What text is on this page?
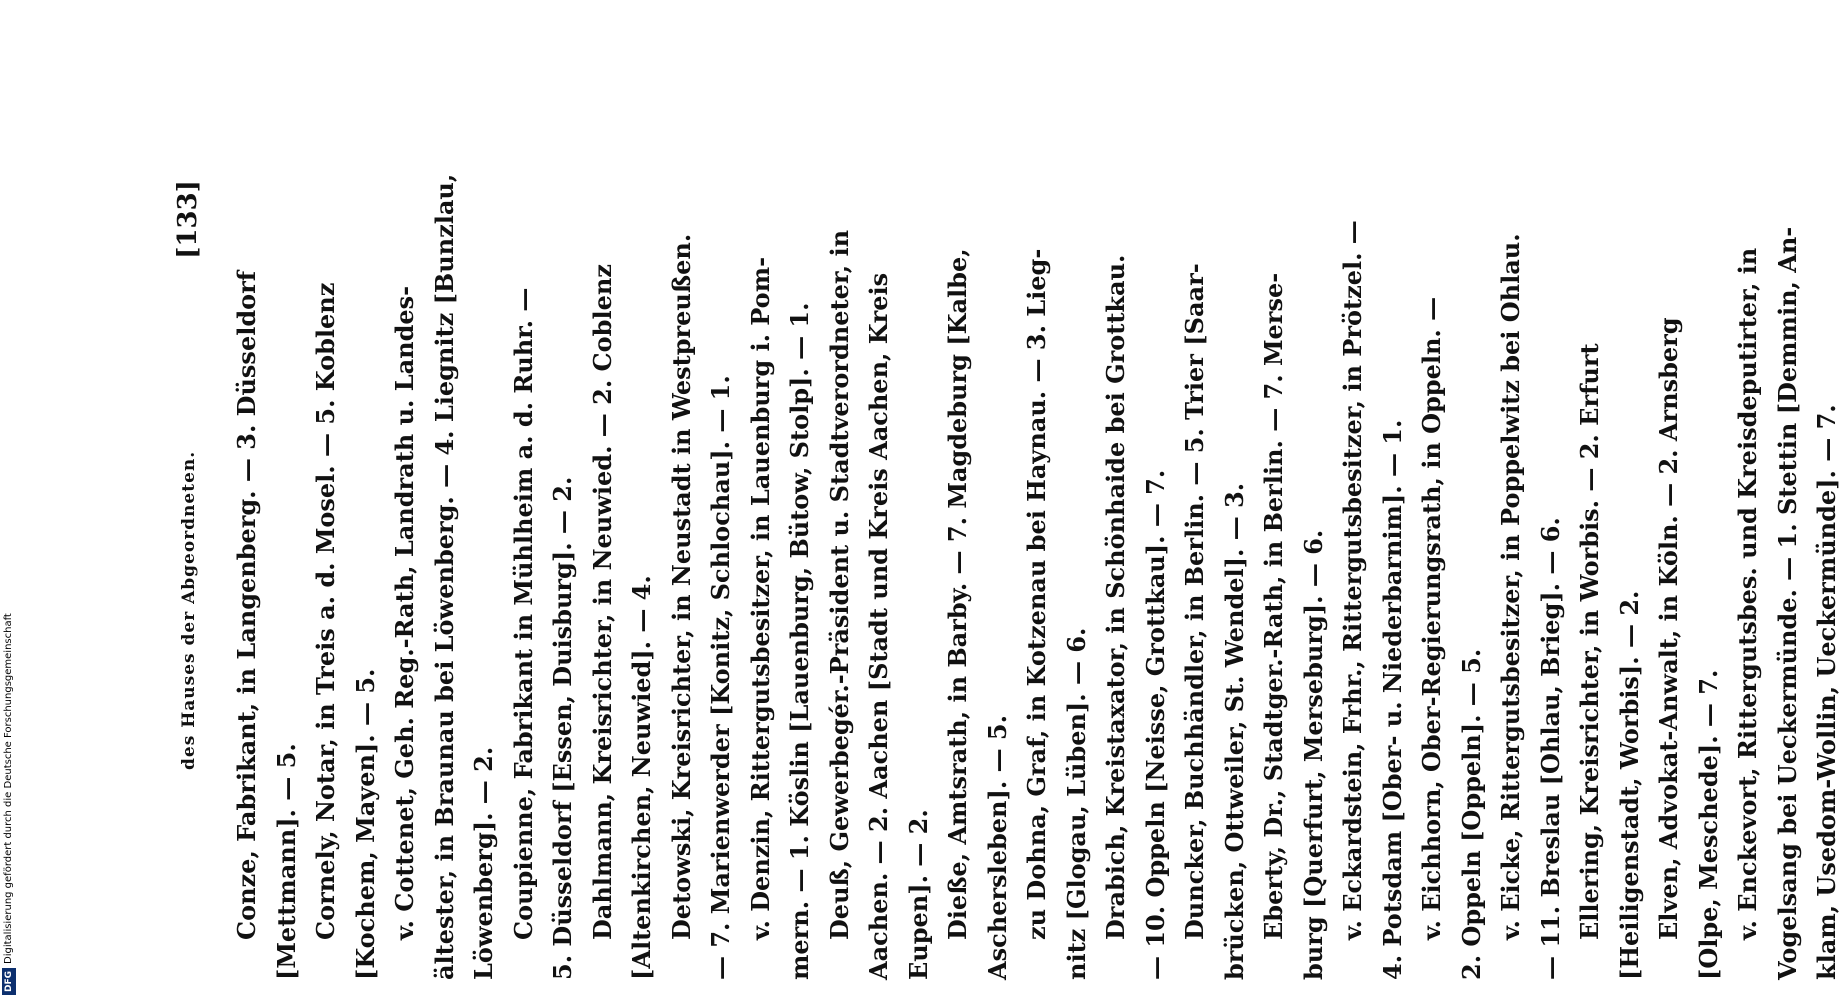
des Hauses der Abgeordneten.
[133]
Conze, Fabrikant, in Langenberg. — 3. Düsseldorf [Mettmann]. — 5. Cornely, Notar, in Treis a. d. Mosel. — 5. Koblenz [Kochem, Mayen]. — 5. v. Cottenet, Geh. Reg.-Rath, Landrath u. Landes- ältester, in Braunau bei Löwenberg. — 4. Liegnitz [Bunzlau, Löwenberg]. — 2. Coupienne, Fabrikant in Mühlheim a. d. Ruhr. — 5. Düsseldorf [Essen, Duisburg]. — 2. Dahlmann, Kreisrichter, in Neuwied. — 2. Coblenz [Altenkirchen, Neuwied]. — 4. Detowski, Kreisrichter, in Neustadt in Westpreußen. — 7. Marienwerder [Konitz, Schlochau]. — 1. v. Denzin, Rittergutsbesitzer, in Lauenburg i. Pom- mern. — 1. Köslin [Lauenburg, Bütow, Stolp]. — 1. Deuß, Gewerbegér.-Präsident u. Stadtverordneter, in Aachen. — 2. Aachen [Stadt und Kreis Aachen, Kreis Eupen]. — 2. Dieße, Amtsrath, in Barby. — 7. Magdeburg [Kalbe, Aschersleben]. — 5. zu Dohna, Graf, in Kotzenau bei Haynau. — 3. Lieg- nitz [Glogau, Lüben]. — 6. Drabich, Kreistaxator, in Schönhaide bei Grottkau. — 10. Oppeln [Neisse, Grottkau]. — 7. Duncker, Buchhändler, in Berlin. — 5. Trier [Saar- brücken, Ottweiler, St. Wendel]. — 3. Eberty, Dr., Stadtger.-Rath, in Berlin. — 7. Merse- burg [Querfurt, Merseburg]. — 6. v. Eckardstein, Frhr., Rittergutsbesitzer, in Prötzel. — 4. Potsdam [Ober- u. Niederbarnim]. — 1. v. Eichhorn, Ober-Regierungsrath, in Oppeln. — 2. Oppeln [Oppeln]. — 5. v. Eicke, Rittergutsbesitzer, in Poppelwitz bei Ohlau. — 11. Breslau [Ohlau, Brieg]. — 6. Ellering, Kreisrichter, in Worbis. — 2. Erfurt [Heiligenstadt, Worbis]. — 2. Elven, Advokat-Anwalt, in Köln. — 2. Arnsberg [Olpe, Meschede]. — 7. v. Enckevort, Rittergutsbes. und Kreisdeputirter, in Vogelsang bei Ueckermünde. — 1. Stettin [Demmin, An- klam, Usedom-Wollin, Ueckermünde]. — 7.
DFG
Digitalisierung gefördert durch die Deutsche Forschungsgemeinschaft
